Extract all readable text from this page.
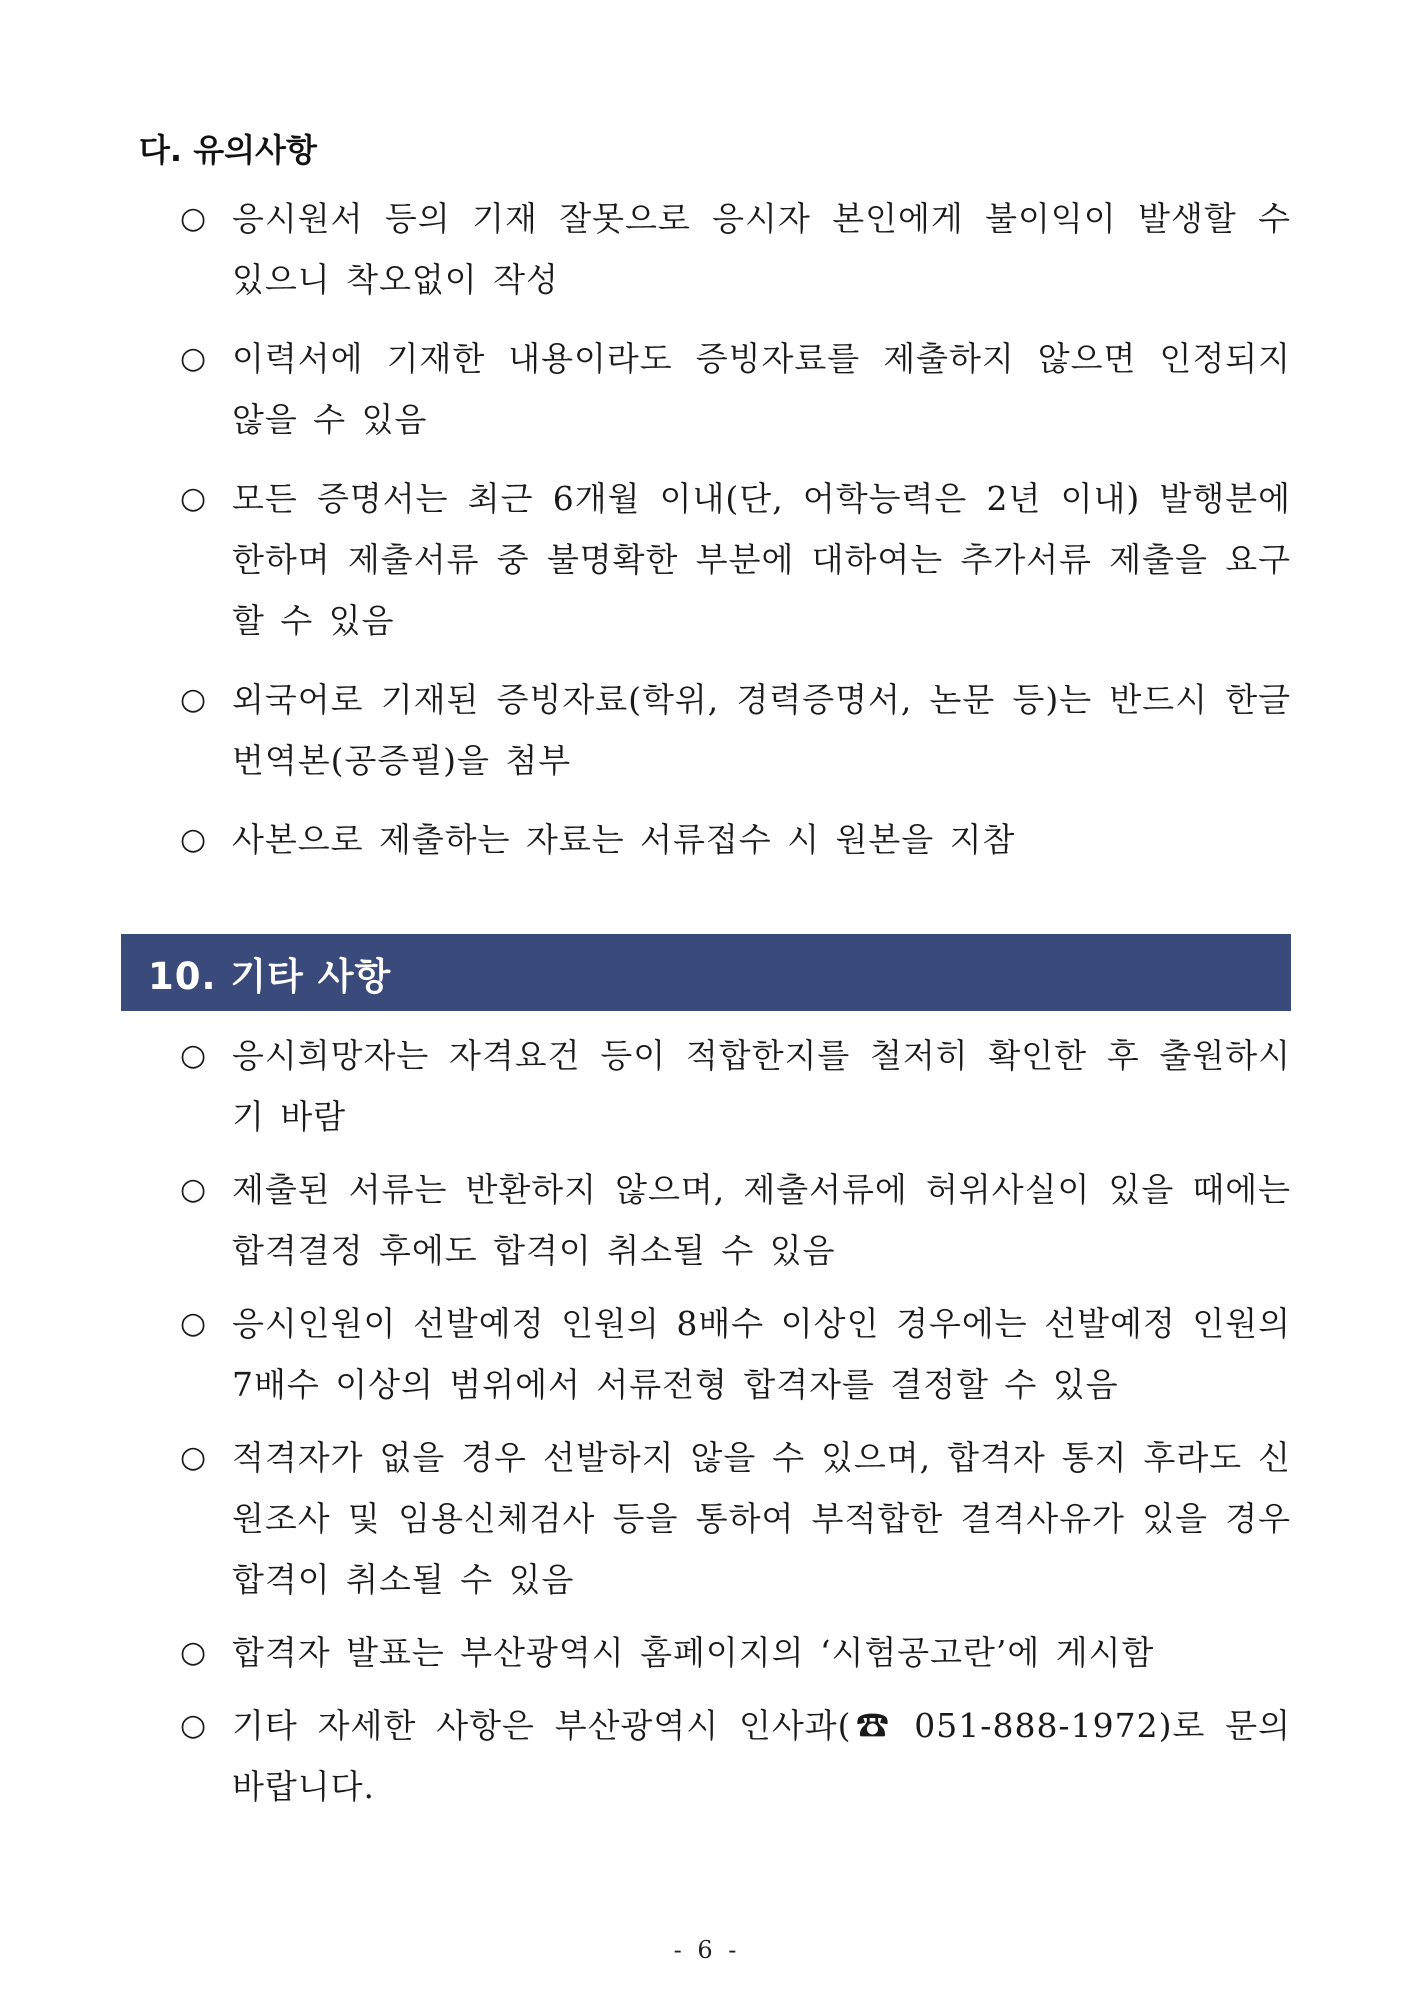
다. 유의사항
○ 응시원서 등의 기재 잘못으로 응시자 본인에게 불이익이 발생할 수 있으니 착오없이 작성
○ 이력서에 기재한 내용이라도 증빙자료를 제출하지 않으면 인정되지 않을 수 있음
○ 모든 증명서는 최근 6개월 이내(단, 어학능력은 2년 이내) 발행분에 한하며 제출서류 중 불명확한 부분에 대하여는 추가서류 제출을 요구할 수 있음
○ 외국어로 기재된 증빙자료(학위, 경력증명서, 논문 등)는 반드시 한글번역본(공증필)을 첨부
○ 사본으로 제출하는 자료는 서류접수 시 원본을 지참
10. 기타 사항
○ 응시희망자는 자격요건 등이 적합한지를 철저히 확인한 후 출원하시기 바람
○ 제출된 서류는 반환하지 않으며, 제출서류에 허위사실이 있을 때에는 합격결정 후에도 합격이 취소될 수 있음
○ 응시인원이 선발예정 인원의 8배수 이상인 경우에는 선발예정 인원의 7배수 이상의 범위에서 서류전형 합격자를 결정할 수 있음
○ 적격자가 없을 경우 선발하지 않을 수 있으며, 합격자 통지 후라도 신원조사 및 임용신체검사 등을 통하여 부적합한 결격사유가 있을 경우 합격이 취소될 수 있음
○ 합격자 발표는 부산광역시 홈페이지의 ‘시험공고란’에 게시함
○ 기타 자세한 사항은 부산광역시 인사과(☎ 051-888-1972)로 문의 바랍니다.
- 6 -
